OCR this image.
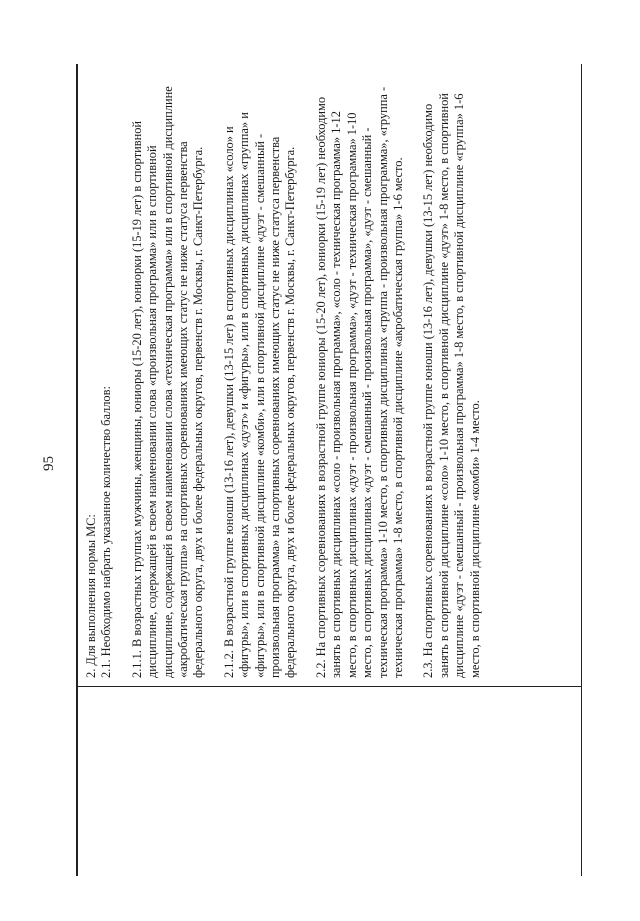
95

2. Для выполнения нормы МС: 2.1. Необходимо набрать указанное количество баллов: 2.1.1. В возрастных группах мужчины, женщины, юниоры (15-20 лет), юниорки (15-19 лет) в спортивной дисциплине, содержащей в своем наименовании слова «произвольная программа» или в спортивной дисциплине, содержащей в своем наименовании слова «техническая программа» или в спортивной дисциплине «акробатическая группа» на спортивных соревнованиях имеющих статус не ниже статуса первенства федерального округа, двух и более федеральных округов, первенств г. Москвы, г. Санкт-Петербурга. 2.1.2. В возрастной группе юноши (13-16 лет), девушки (13-15 лет) в спортивных дисциплинах «соло» и «фигуры», или в спортивных дисциплинах «дуэт» и «фигуры», или в спортивных дисциплинах «группа» и «фигуры», или в спортивной дисциплине «комби», или в спортивной дисциплине «дуэт - смешанный - произвольная программа» на спортивных соревнованиях имеющих статус не ниже статуса первенства федерального округа, двух и более федеральных округов, первенств г. Москвы, г. Санкт-Петербурга. 2.2. На спортивных соревнованиях в возрастной группе юниоры (15-20 лет), юниорки (15-19 лет) необходимо занять в спортивных дисциплинах «соло - произвольная программа», «соло - техническая программа» 1-12 место, в спортивных дисциплинах «дуэт - произвольная программа», «дуэт - техническая программа» 1-10 место, в спортивных дисциплинах «дуэт - смешанный - произвольная программа», «дуэт - смешанный - техническая программа» 1-10 место, в спортивных дисциплинах «группа - произвольная программа», «группа - техническая программа» 1-8 место, в спортивной дисциплине «акробатическая группа» 1-6 место. 2.3. На спортивных соревнованиях в возрастной группе юноши (13-16 лет), девушки (13-15 лет) необходимо занять в спортивной дисциплине «соло» 1-10 место, в спортивной дисциплине «дуэт» 1-8 место, в спортивной дисциплине «дуэт - смешанный - произвольная программа» 1-8 место, в спортивной дисциплине «группа» 1-6 место, в спортивной дисциплине «комби» 1-4 место.
